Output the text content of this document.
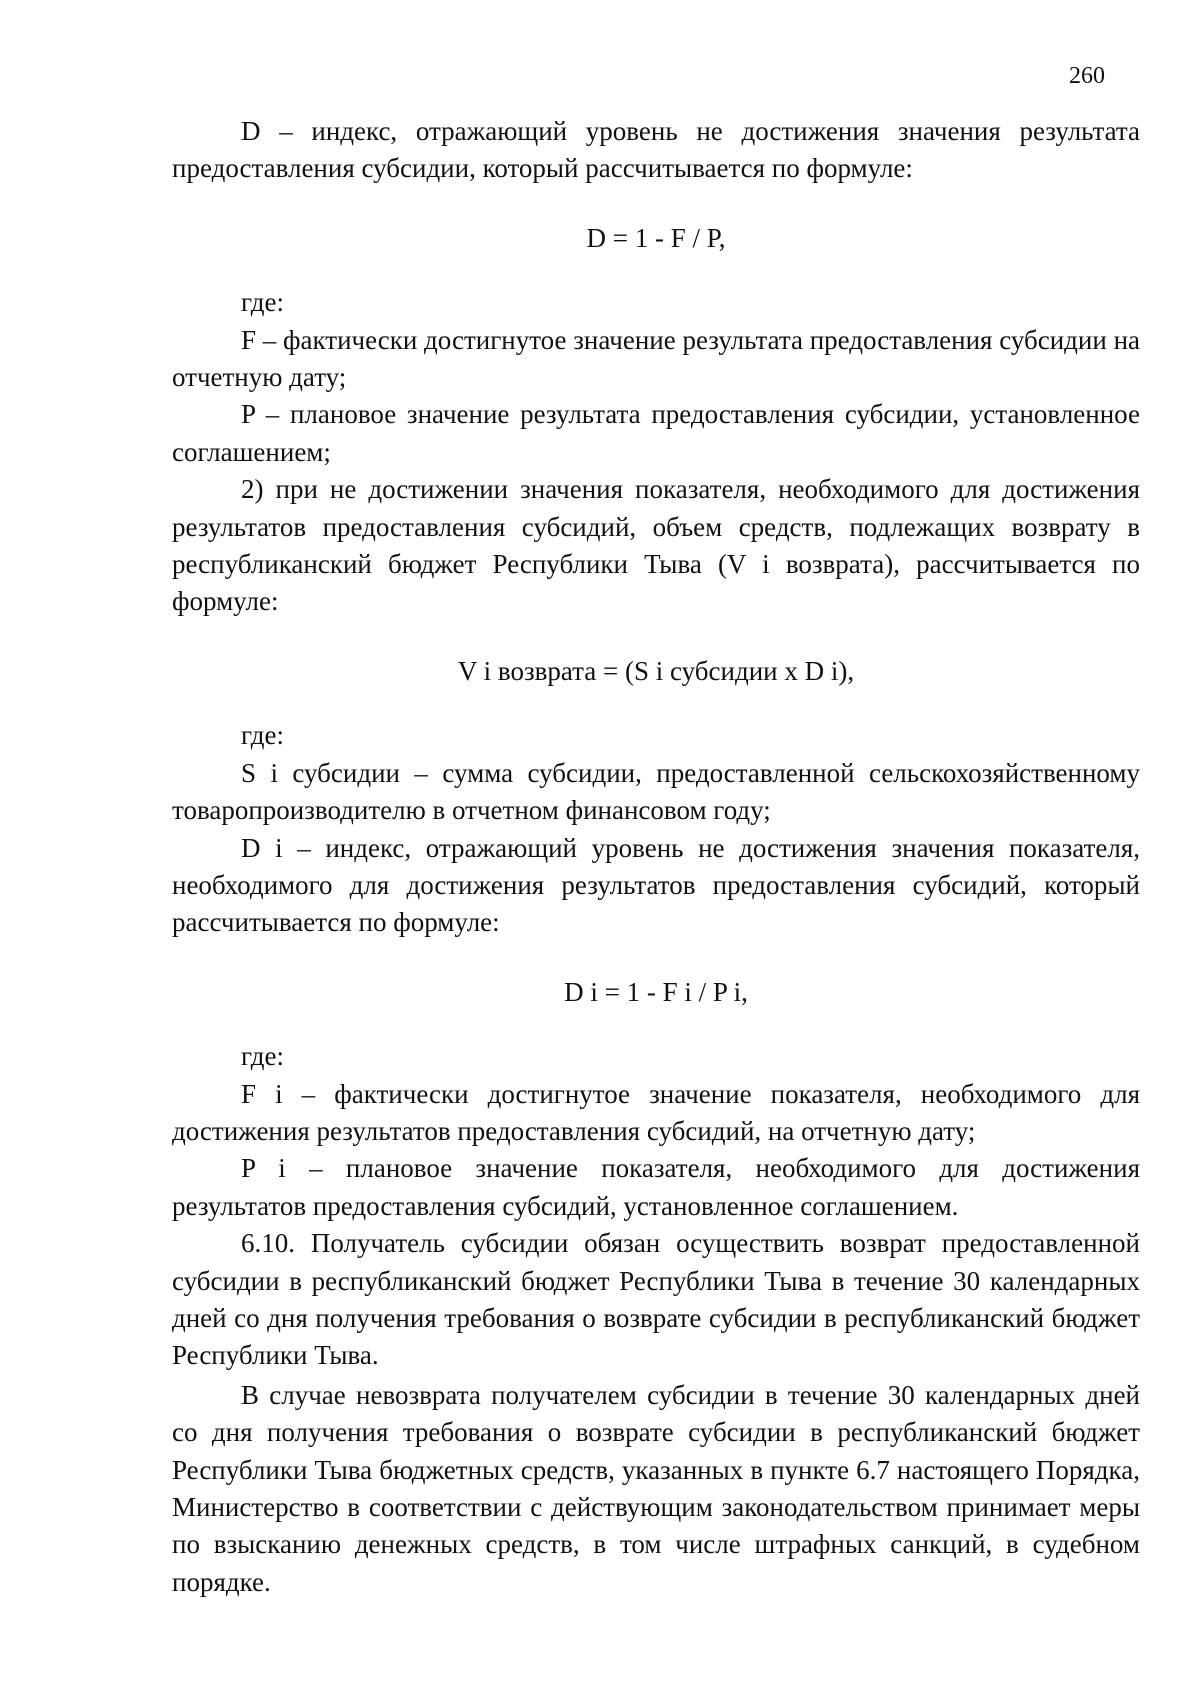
260

D – индекс, отражающий уровень не достижения значения результата предоставления субсидии, который рассчитывается по формуле:

D = 1 - F / P,

где:

F – фактически достигнутое значение результата предоставления субсидии на отчетную дату;

P – плановое значение результата предоставления субсидии, установленное соглашением;

2) при не достижении значения показателя, необходимого для достижения результатов предоставления субсидий, объем средств, подлежащих возврату в республиканский бюджет Республики Тыва (V i возврата), рассчитывается по формуле:

V i возврата = (S i субсидии x D i),

где:

S i субсидии – сумма субсидии, предоставленной сельскохозяйственному товаропроизводителю в отчетном финансовом году;

D i – индекс, отражающий уровень не достижения значения показателя, необходимого для достижения результатов предоставления субсидий, который рассчитывается по формуле:

D i = 1 - F i / P i,

где:

F i – фактически достигнутое значение показателя, необходимого для достижения результатов предоставления субсидий, на отчетную дату;

P i – плановое значение показателя, необходимого для достижения результатов предоставления субсидий, установленное соглашением.

6.10. Получатель субсидии обязан осуществить возврат предоставленной субсидии в республиканский бюджет Республики Тыва в течение 30 календарных дней со дня получения требования о возврате субсидии в республиканский бюджет Республики Тыва.

В случае невозврата получателем субсидии в течение 30 календарных дней со дня получения требования о возврате субсидии в республиканский бюджет Республики Тыва бюджетных средств, указанных в пункте 6.7 настоящего Порядка, Министерство в соответствии с действующим законодательством принимает меры по взысканию денежных средств, в том числе штрафных санкций, в судебном порядке.
